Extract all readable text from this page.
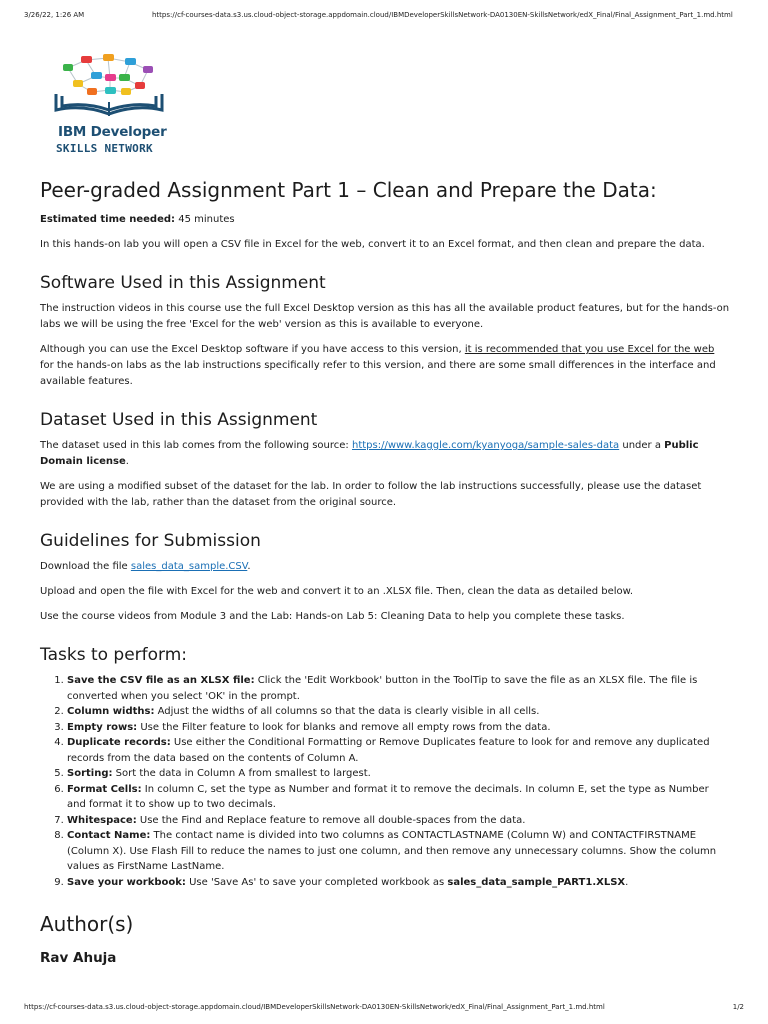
3/26/22, 1:26 AM	https://cf-courses-data.s3.us.cloud-object-storage.appdomain.cloud/IBMDeveloperSkillsNetwork-DA0130EN-SkillsNetwork/edX_Final/Final_Assignment_Part_1.md.html
IBM Developer
SKILLS NETWORK
Peer-graded Assignment Part 1 – Clean and Prepare the Data:

Estimated time needed: 45 minutes

In this hands-on lab you will open a CSV file in Excel for the web, convert it to an Excel format, and then clean and prepare the data.

Software Used in this Assignment

The instruction videos in this course use the full Excel Desktop version as this has all the available product features, but for the hands-on labs we will be using the free 'Excel for the web' version as this is available to everyone.

Although you can use the Excel Desktop software if you have access to this version, it is recommended that you use Excel for the web for the hands-on labs as the lab instructions specifically refer to this version, and there are some small differences in the interface and available features.

Dataset Used in this Assignment

The dataset used in this lab comes from the following source: https://www.kaggle.com/kyanyoga/sample-sales-data under a Public Domain license.

We are using a modified subset of the dataset for the lab. In order to follow the lab instructions successfully, please use the dataset provided with the lab, rather than the dataset from the original source.

Guidelines for Submission

Download the file sales_data_sample.CSV.

Upload and open the file with Excel for the web and convert it to an .XLSX file. Then, clean the data as detailed below.

Use the course videos from Module 3 and the Lab: Hands-on Lab 5: Cleaning Data to help you complete these tasks.

Tasks to perform:
1. Save the CSV file as an XLSX file: Click the 'Edit Workbook' button in the ToolTip to save the file as an XLSX file. The file is converted when you select 'OK' in the prompt.
2. Column widths: Adjust the widths of all columns so that the data is clearly visible in all cells.
3. Empty rows: Use the Filter feature to look for blanks and remove all empty rows from the data.
4. Duplicate records: Use either the Conditional Formatting or Remove Duplicates feature to look for and remove any duplicated records from the data based on the contents of Column A.
5. Sorting: Sort the data in Column A from smallest to largest.
6. Format Cells: In column C, set the type as Number and format it to remove the decimals. In column E, set the type as Number and format it to show up to two decimals.
7. Whitespace: Use the Find and Replace feature to remove all double-spaces from the data.
8. Contact Name: The contact name is divided into two columns as CONTACTLASTNAME (Column W) and CONTACTFIRSTNAME (Column X). Use Flash Fill to reduce the names to just one column, and then remove any unnecessary columns. Show the column values as FirstName LastName.
9. Save your workbook: Use 'Save As' to save your completed workbook as sales_data_sample_PART1.XLSX.
Author(s)
Rav Ahuja
https://cf-courses-data.s3.us.cloud-object-storage.appdomain.cloud/IBMDeveloperSkillsNetwork-DA0130EN-SkillsNetwork/edX_Final/Final_Assignment_Part_1.md.html	1/2
